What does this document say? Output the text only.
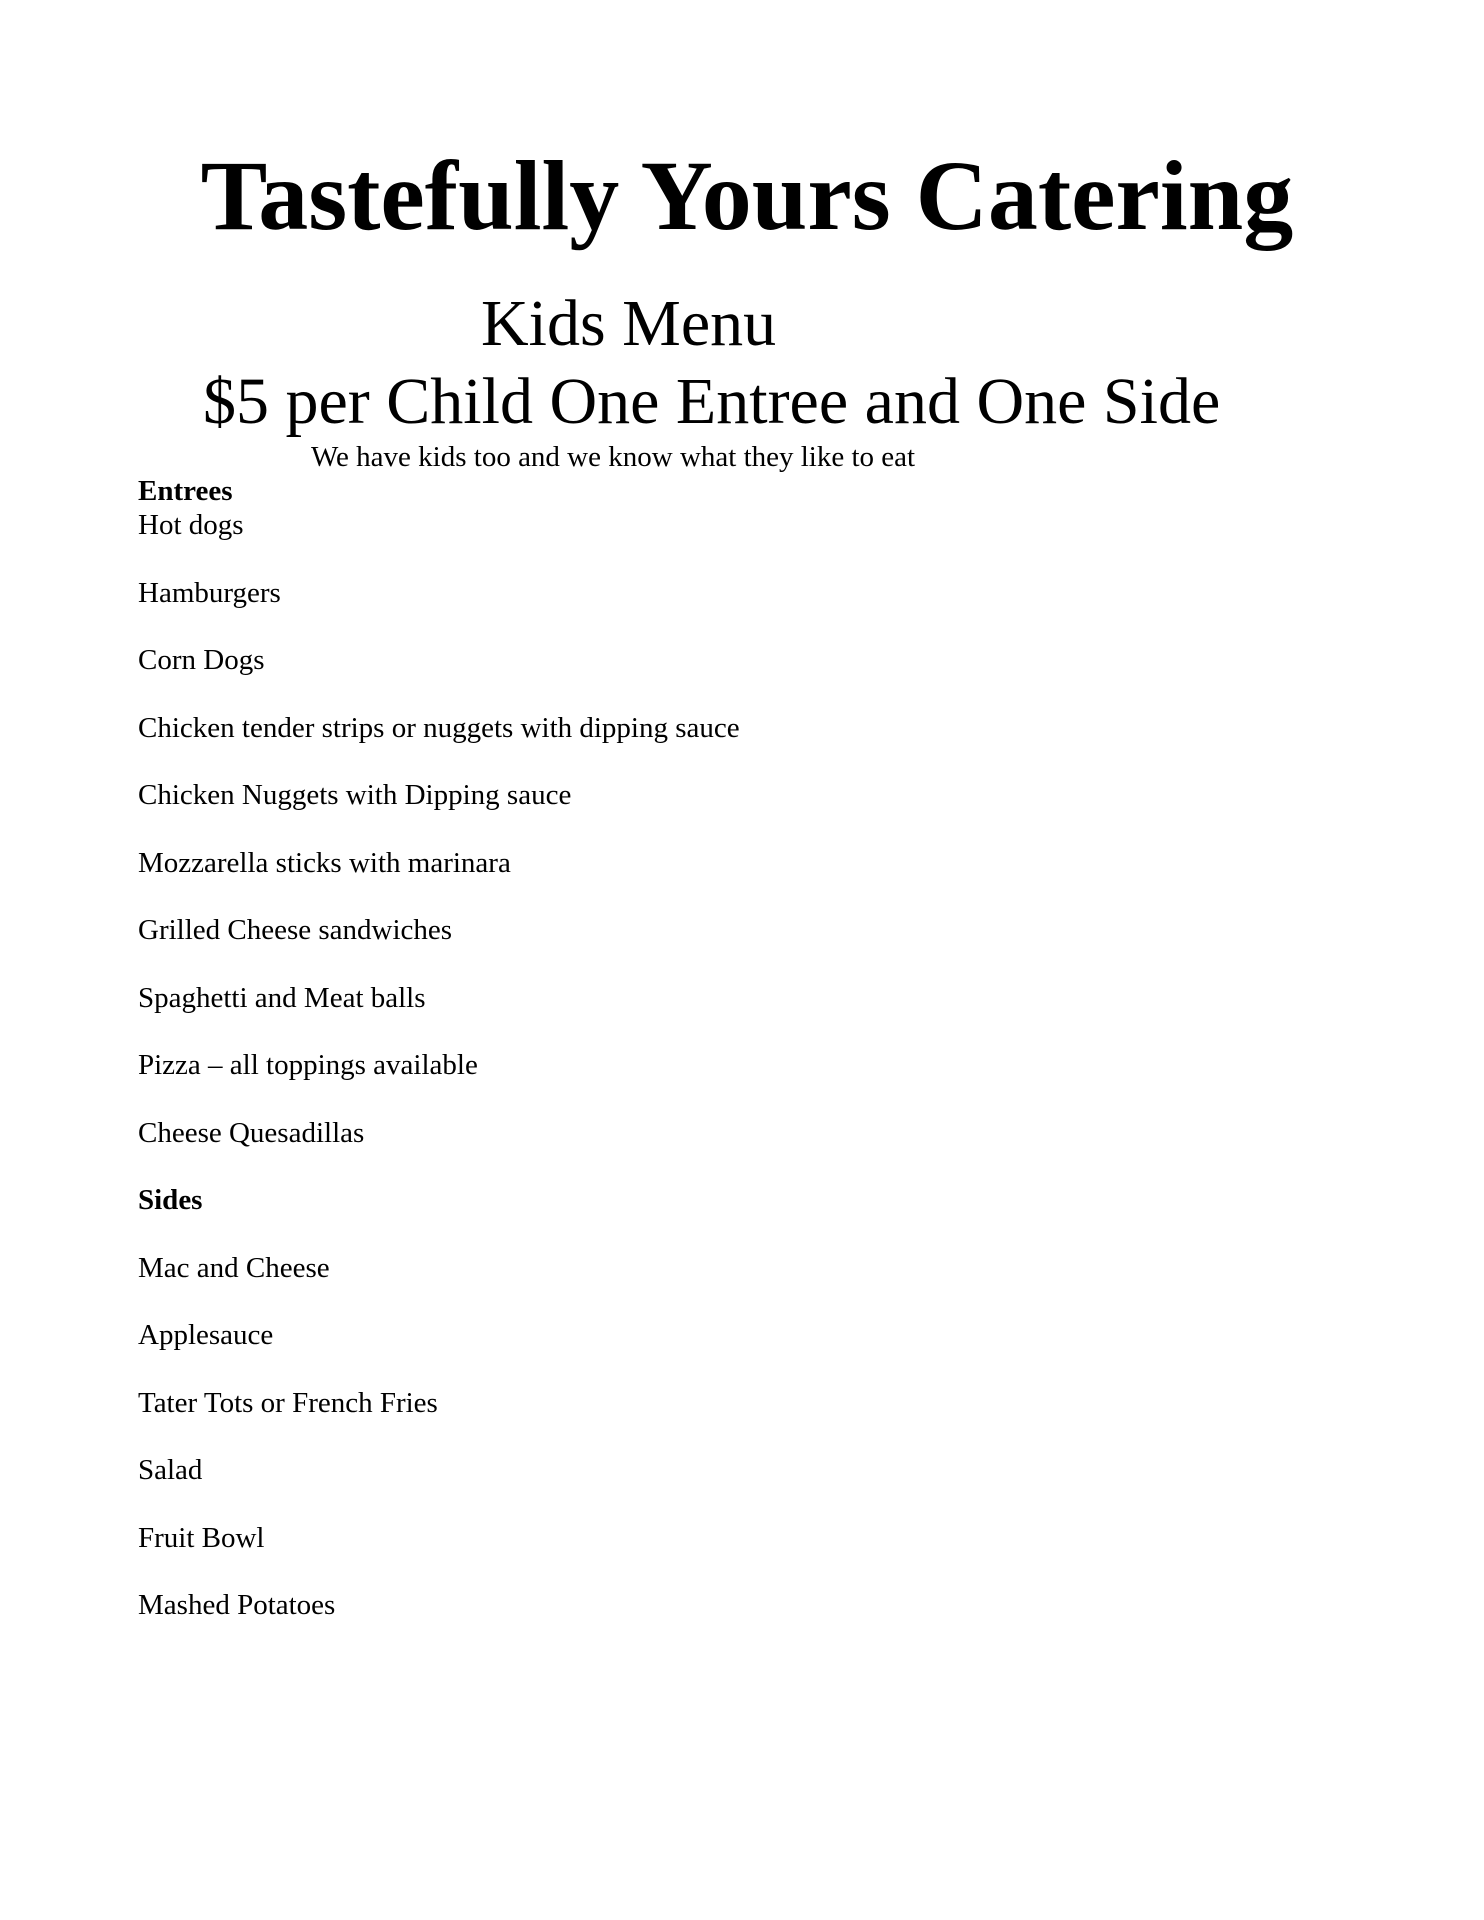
Tastefully Yours Catering
Kids Menu
$5 per Child One Entree and One Side
We have kids too and we know what they like to eat
Entrees
Hot dogs
Hamburgers
Corn Dogs
Chicken tender strips or nuggets with dipping sauce
Chicken Nuggets with Dipping sauce
Mozzarella sticks with marinara
Grilled Cheese sandwiches
Spaghetti and Meat balls
Pizza – all toppings available
Cheese Quesadillas
Sides
Mac and Cheese
Applesauce
Tater Tots or French Fries
Salad
Fruit Bowl
Mashed Potatoes
